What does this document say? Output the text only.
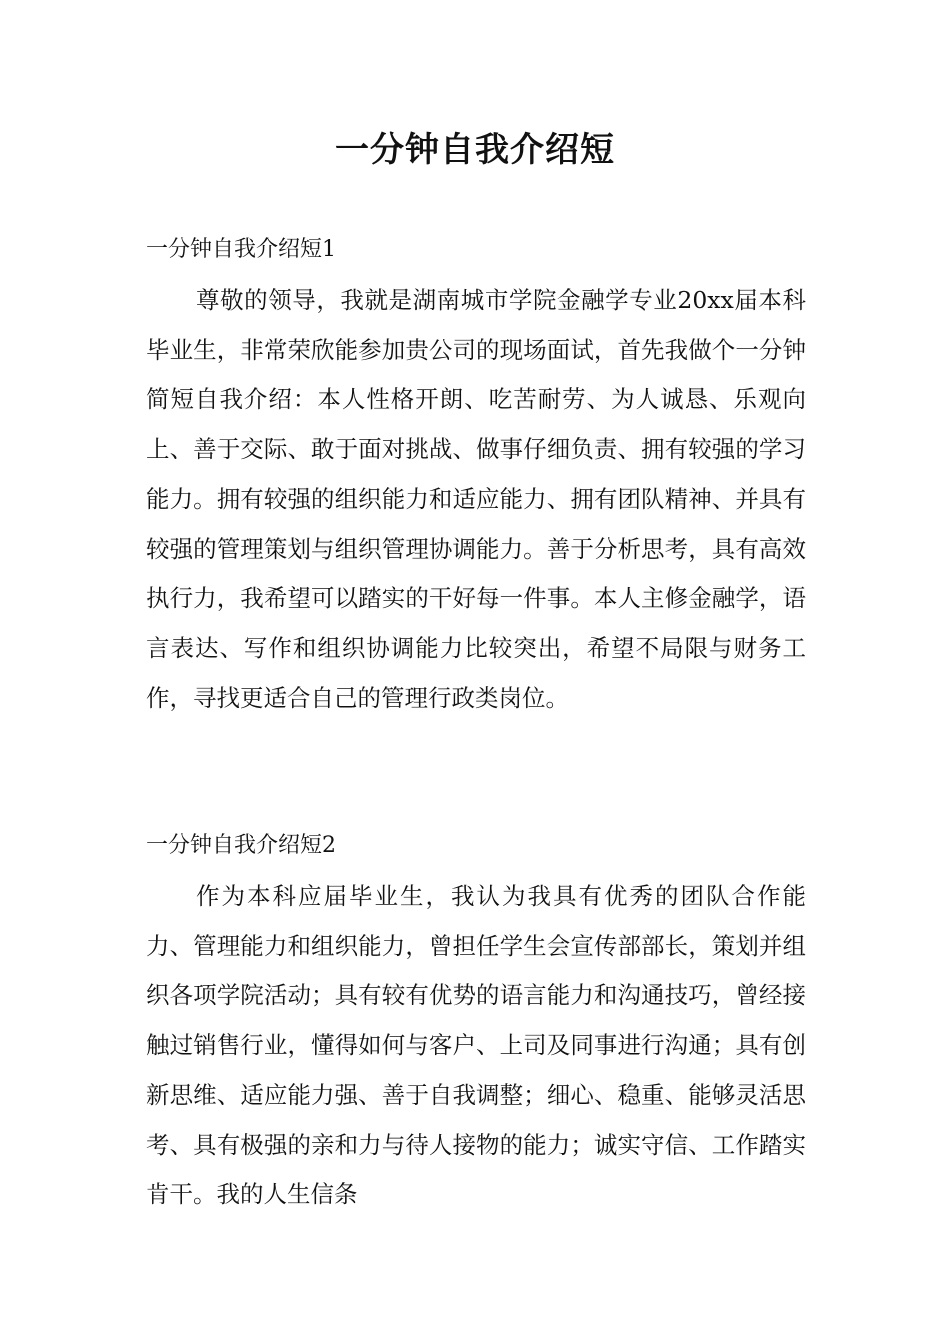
一分钟自我介绍短

一分钟自我介绍短1

尊敬的领导，我就是湖南城市学院金融学专业20xx届本科毕业生，非常荣欣能参加贵公司的现场面试，首先我做个一分钟简短自我介绍：本人性格开朗、吃苦耐劳、为人诚恳、乐观向上、善于交际、敢于面对挑战、做事仔细负责、拥有较强的学习能力。拥有较强的组织能力和适应能力、拥有团队精神、并具有较强的管理策划与组织管理协调能力。善于分析思考，具有高效执行力，我希望可以踏实的干好每一件事。本人主修金融学，语言表达、写作和组织协调能力比较突出，希望不局限与财务工作，寻找更适合自己的管理行政类岗位。

一分钟自我介绍短2

作为本科应届毕业生，我认为我具有优秀的团队合作能力、管理能力和组织能力，曾担任学生会宣传部部长，策划并组织各项学院活动；具有较有优势的语言能力和沟通技巧，曾经接触过销售行业，懂得如何与客户、上司及同事进行沟通；具有创新思维、适应能力强、善于自我调整；细心、稳重、能够灵活思考、具有极强的亲和力与待人接物的能力；诚实守信、工作踏实肯干。我的人生信条
